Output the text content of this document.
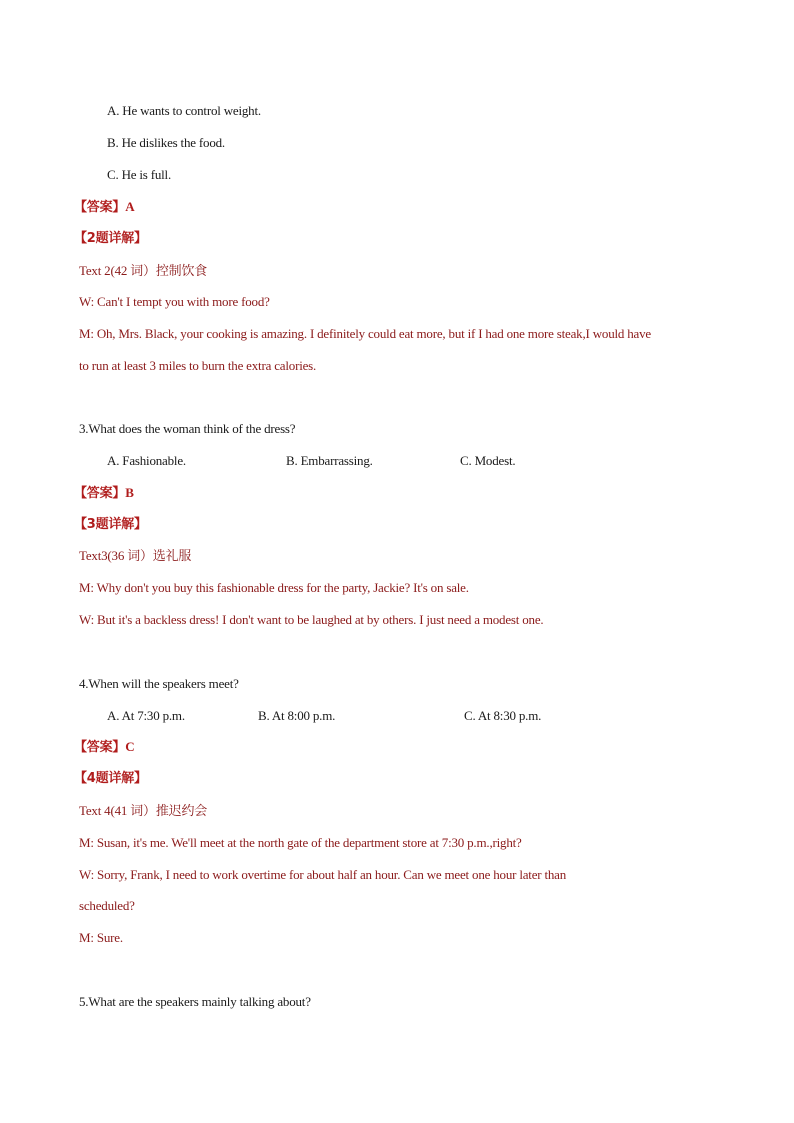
A. He wants to control weight.
B. He dislikes the food.
C. He is full.
【答案】A
【2题详解】
Text 2(42 词）控制饮食
W: Can't I tempt you with more food?
M: Oh, Mrs. Black, your cooking is amazing. I definitely could eat more, but if I had one more steak,I would have
to run at least 3 miles to burn the extra calories.
3.What does the woman think of the dress?
A. Fashionable.	B. Embarrassing.	C. Modest.
【答案】B
【3题详解】
Text3(36 词）选礼服
M: Why don't you buy this fashionable dress for the party, Jackie? It's on sale.
W: But it's a backless dress! I don't want to be laughed at by others. I just need a modest one.
4.When will the speakers meet?
A. At 7:30 p.m.	B. At 8:00 p.m.	C. At 8:30 p.m.
【答案】C
【4题详解】
Text 4(41 词）推迟约会
M: Susan, it's me. We'll meet at the north gate of the department store at 7:30 p.m.,right?
W: Sorry, Frank, I need to work overtime for about half an hour. Can we meet one hour later than
scheduled?
M: Sure.
5.What are the speakers mainly talking about?
